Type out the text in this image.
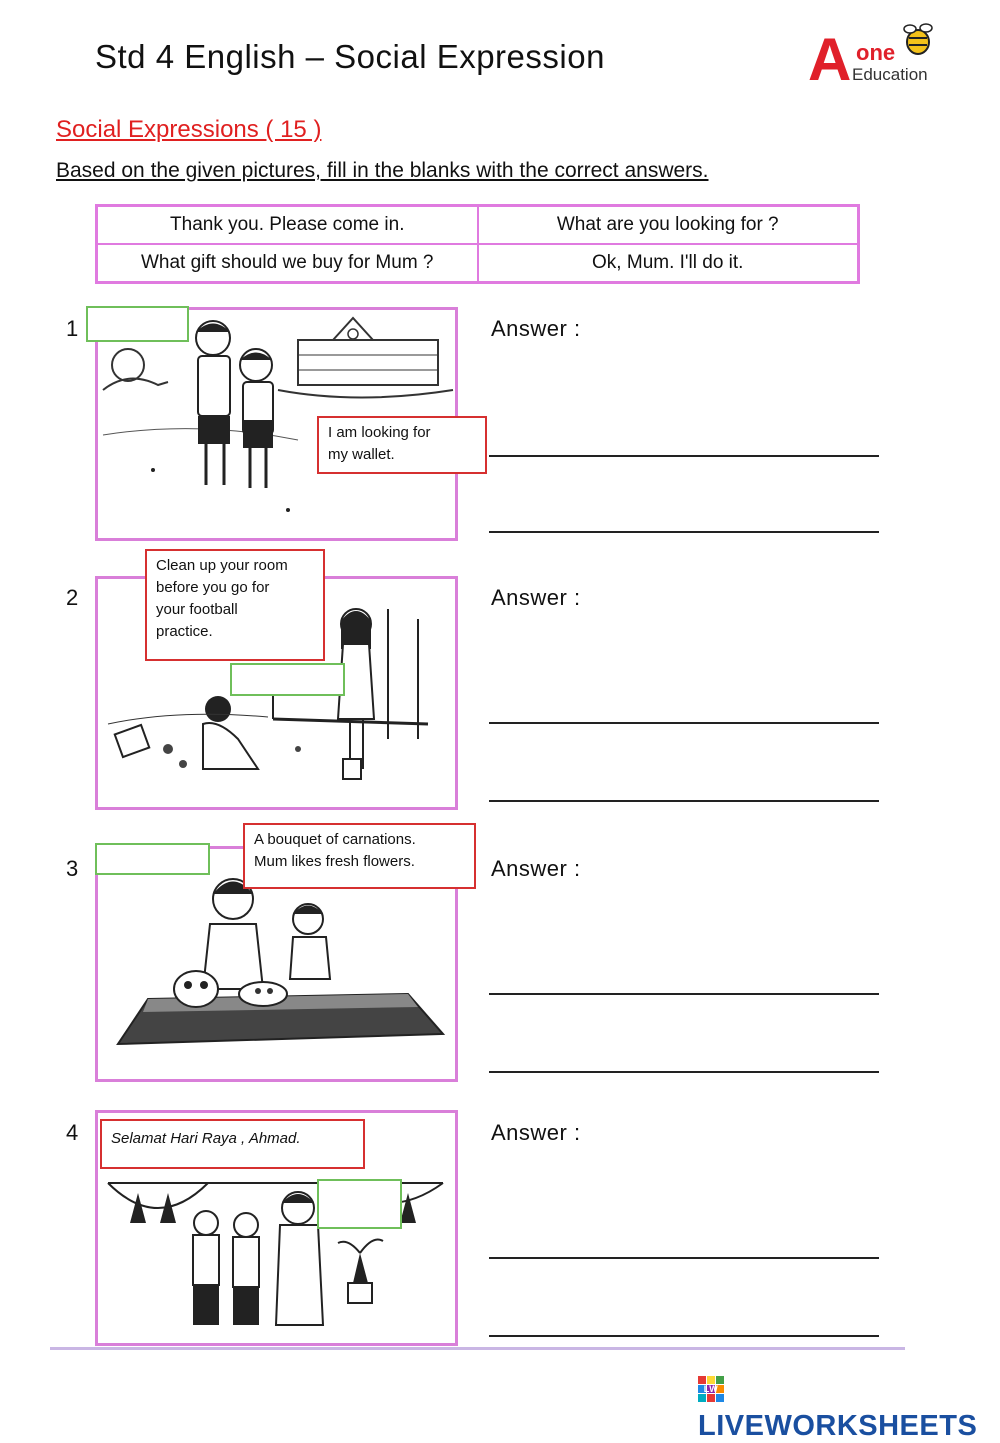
Std 4 English – Social Expression	A one
Education
Social Expressions ( 15 )
Based on the given pictures, fill in the blanks with the correct answers.
Thank you. Please come in.	What are you looking for ?
What gift should we buy for Mum ?	Ok, Mum. I'll do it.
1
I am looking for
my wallet.
Answer :
2
Clean up your room
before you go for
your football
practice.
Answer :
3
A bouquet of carnations.
Mum likes fresh flowers.	Answer :
4 Selamat Hari Raya , Ahmad.	Answer :
LW
LIVEWORKSHEETS
